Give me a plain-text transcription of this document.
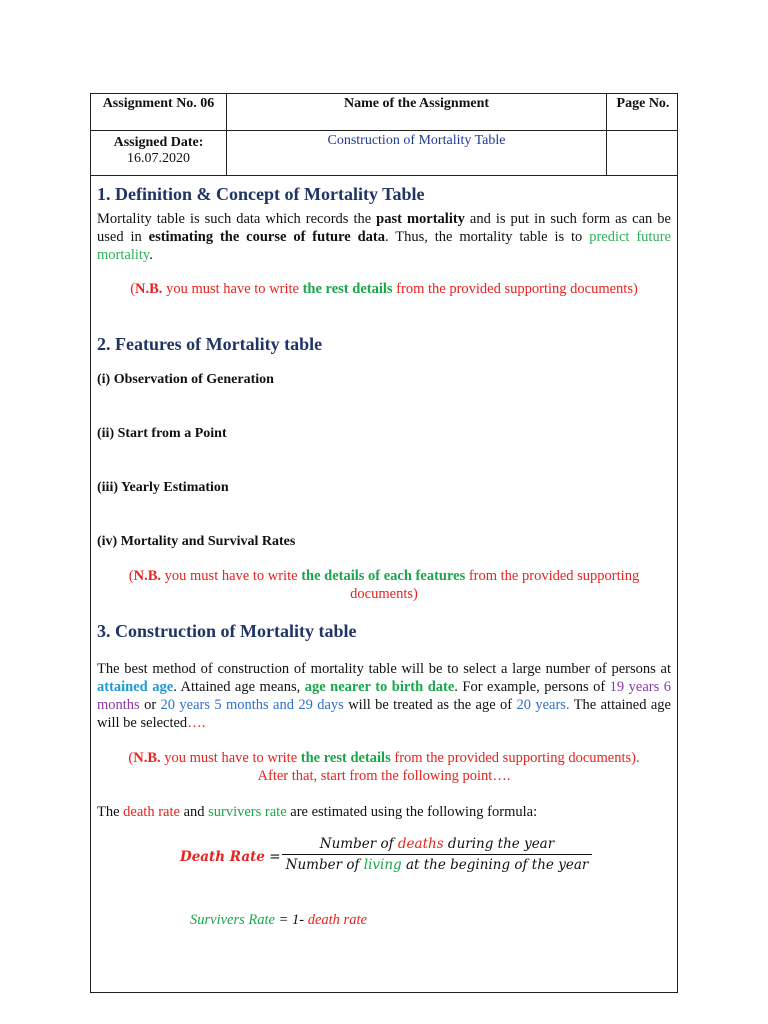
Assignment No. 06	Name of the Assignment	Page No.
Assigned Date:
16.07.2020
Construction of Mortality Table
1. Definition & Concept of Mortality Table
Mortality table is such data which records the past mortality and is put in such form as can be used in estimating the course of future data. Thus, the mortality table is to predict future mortality.
(N.B. you must have to write the rest details from the provided supporting documents)
2. Features of Mortality table
(i) Observation of Generation
(ii) Start from a Point
(iii) Yearly Estimation
(iv) Mortality and Survival Rates
(N.B. you must have to write the details of each features from the provided supporting documents)
3. Construction of Mortality table
The best method of construction of mortality table will be to select a large number of persons at attained age. Attained age means, age nearer to birth date. For example, persons of 19 years 6 months or 20 years 5 months and 29 days will be treated as the age of 20 years. The attained age will be selected….
(N.B. you must have to write the rest details from the provided supporting documents).
After that, start from the following point….
The death rate and survivers rate are estimated using the following formula:
Death Rate =
Number of deaths during the year
Number of living at the begining of the year
Survivers Rate = 1- death rate
